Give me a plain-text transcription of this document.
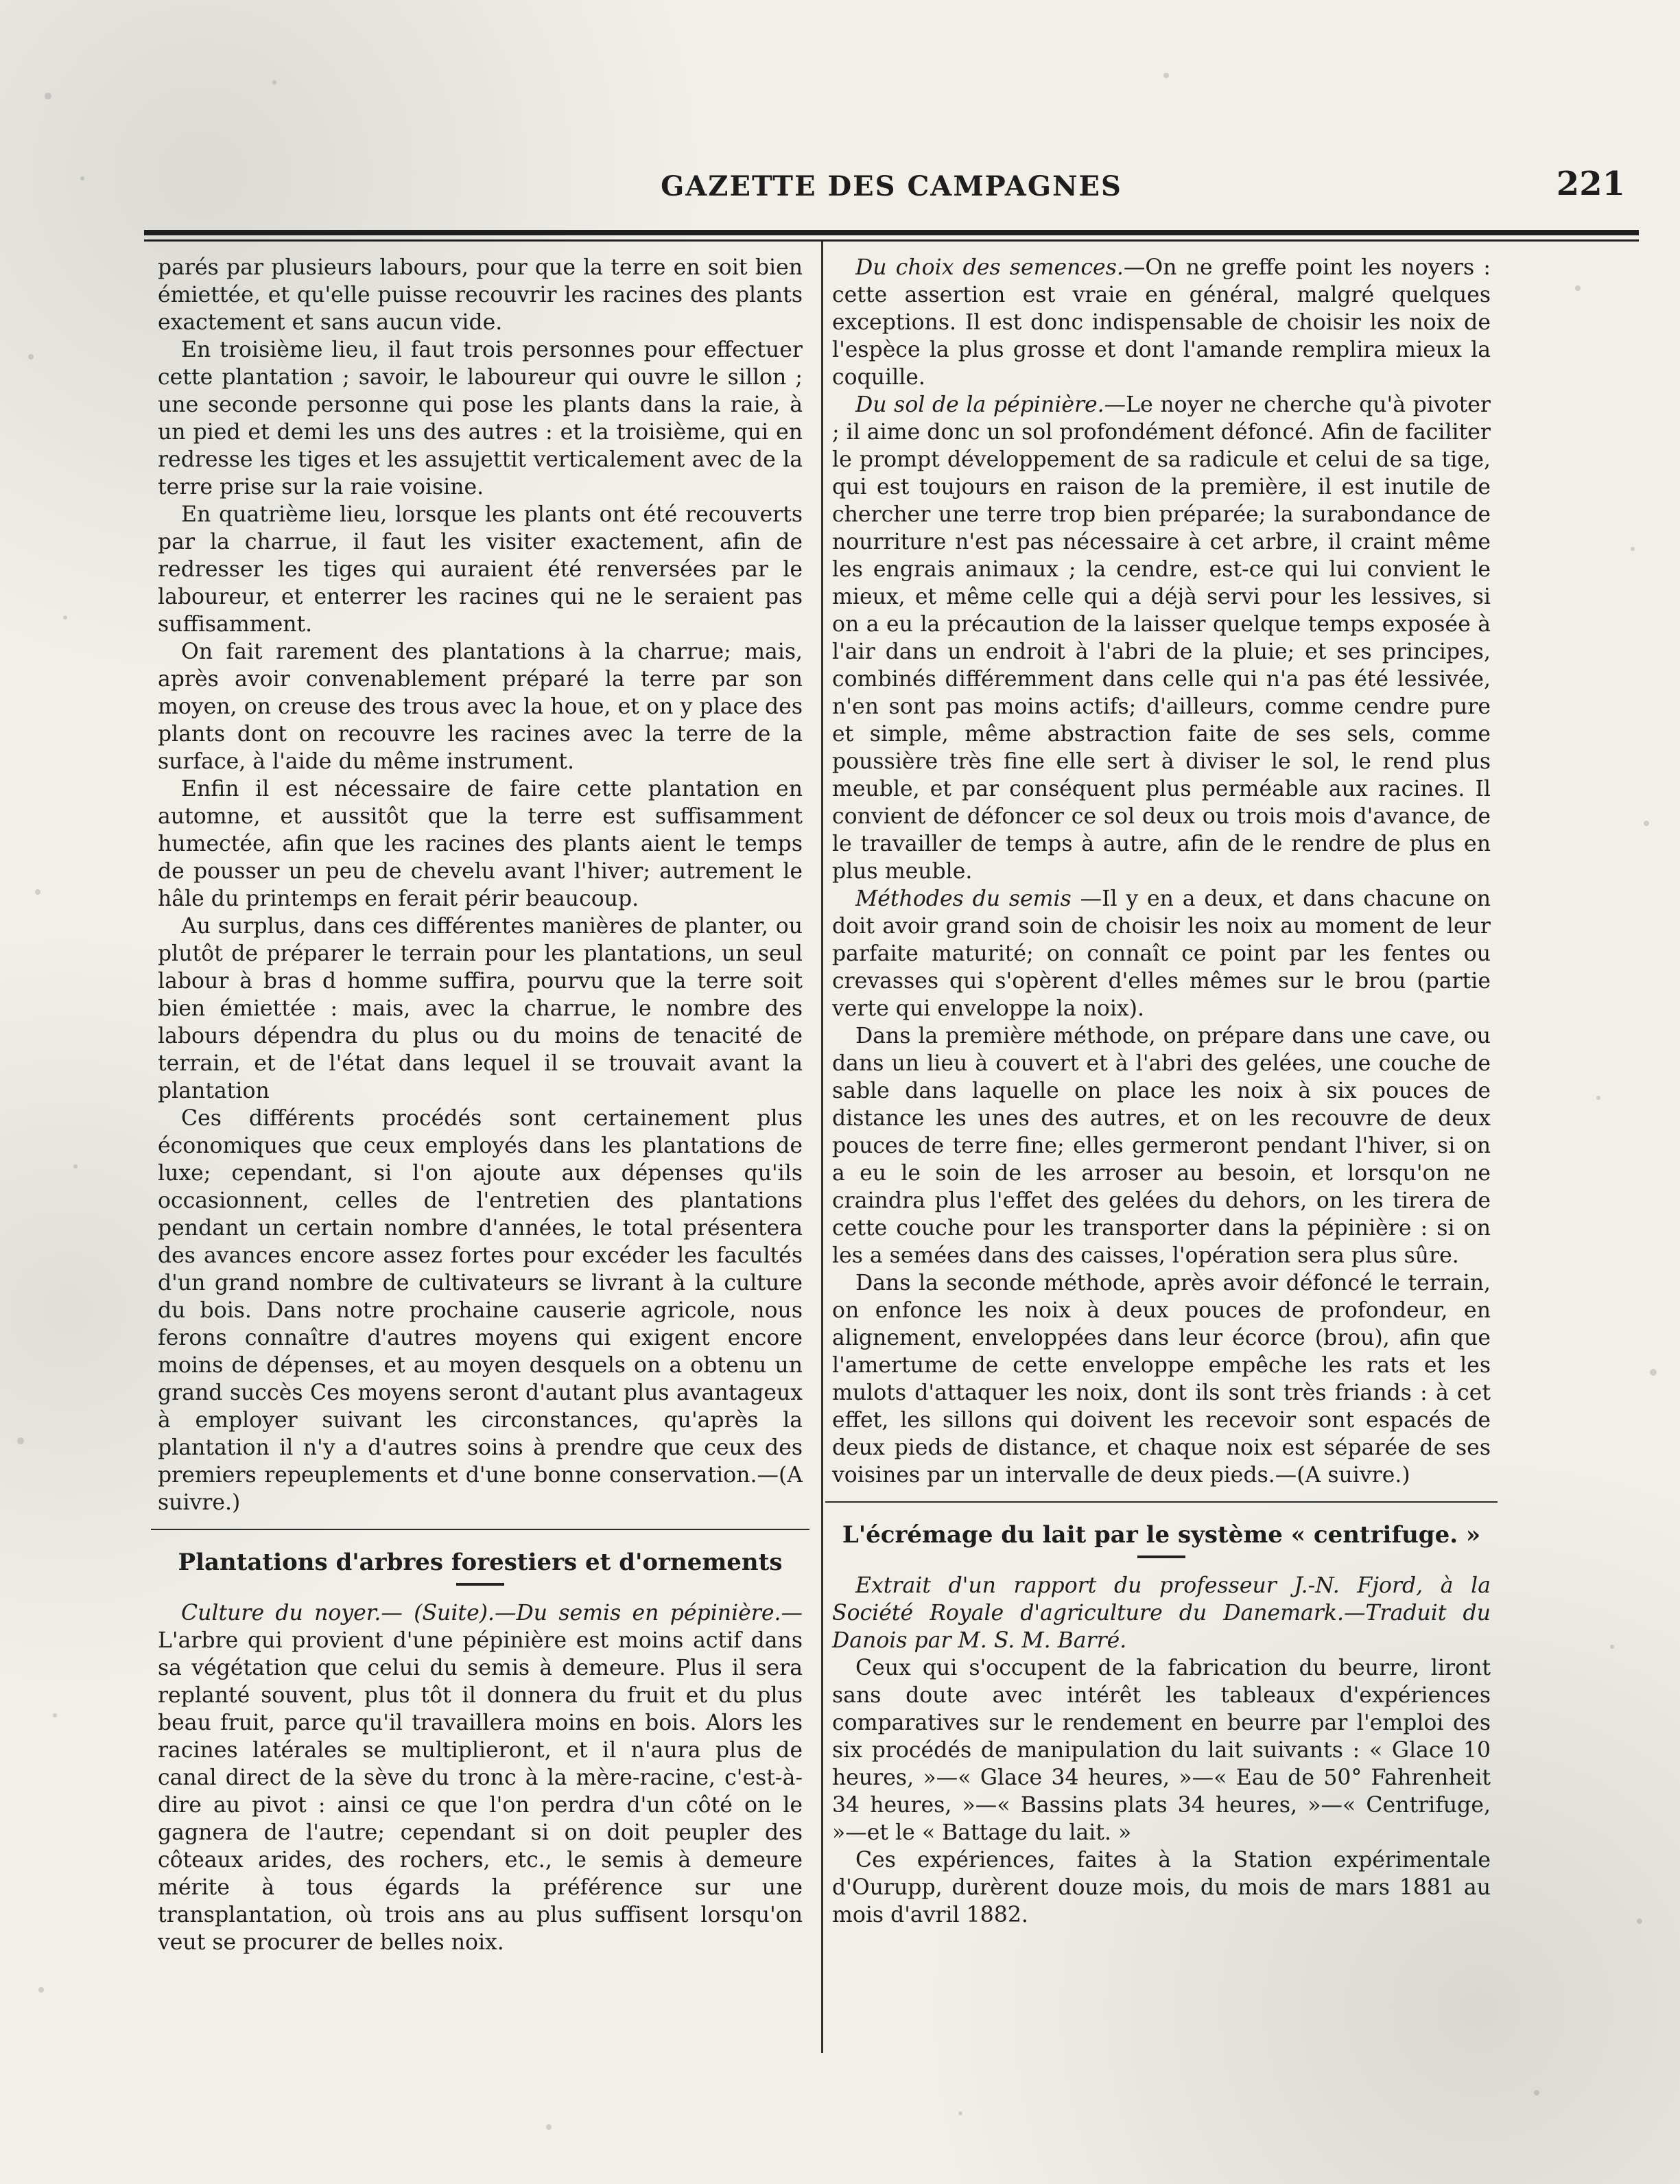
GAZETTE DES CAMPAGNES	221

parés par plusieurs labours, pour que la terre en soit bien émiettée, et qu'elle puisse recouvrir les racines des plants exactement et sans aucun vide.

En troisième lieu, il faut trois personnes pour effectuer cette plantation ; savoir, le laboureur qui ouvre le sillon ; une seconde personne qui pose les plants dans la raie, à un pied et demi les uns des autres : et la troisième, qui en redresse les tiges et les assujettit verticalement avec de la terre prise sur la raie voisine.

En quatrième lieu, lorsque les plants ont été recouverts par la charrue, il faut les visiter exactement, afin de redresser les tiges qui auraient été renversées par le laboureur, et enterrer les racines qui ne le seraient pas suffisamment.

On fait rarement des plantations à la charrue; mais, après avoir convenablement préparé la terre par son moyen, on creuse des trous avec la houe, et on y place des plants dont on recouvre les racines avec la terre de la surface, à l'aide du même instrument.

Enfin il est nécessaire de faire cette plantation en automne, et aussitôt que la terre est suffisamment humectée, afin que les racines des plants aient le temps de pousser un peu de chevelu avant l'hiver; autrement le hâle du printemps en ferait périr beaucoup.

Au surplus, dans ces différentes manières de planter, ou plutôt de préparer le terrain pour les plantations, un seul labour à bras d homme suffira, pourvu que la terre soit bien émiettée : mais, avec la charrue, le nombre des labours dépendra du plus ou du moins de tenacité de terrain, et de l'état dans lequel il se trouvait avant la plantation

Ces différents procédés sont certainement plus économiques que ceux employés dans les plantations de luxe; cependant, si l'on ajoute aux dépenses qu'ils occasionnent, celles de l'entretien des plantations pendant un certain nombre d'années, le total présentera des avances encore assez fortes pour excéder les facultés d'un grand nombre de cultivateurs se livrant à la culture du bois. Dans notre prochaine causerie agricole, nous ferons connaître d'autres moyens qui exigent encore moins de dépenses, et au moyen desquels on a obtenu un grand succès Ces moyens seront d'autant plus avantageux à employer suivant les circonstances, qu'après la plantation il n'y a d'autres soins à prendre que ceux des premiers repeuplements et d'une bonne conservation.—(A suivre.)

Plantations d'arbres forestiers et d'ornements

Culture du noyer.— (Suite).—Du semis en pépinière.—L'arbre qui provient d'une pépinière est moins actif dans sa végétation que celui du semis à demeure. Plus il sera replanté souvent, plus tôt il donnera du fruit et du plus beau fruit, parce qu'il travaillera moins en bois. Alors les racines latérales se multiplieront, et il n'aura plus de canal direct de la sève du tronc à la mère-racine, c'est-à-dire au pivot : ainsi ce que l'on perdra d'un côté on le gagnera de l'autre; cependant si on doit peupler des côteaux arides, des rochers, etc., le semis à demeure mérite à tous égards la préférence sur une transplantation, où trois ans au plus suffisent lorsqu'on veut se procurer de belles noix.

Du choix des semences.—On ne greffe point les noyers : cette assertion est vraie en général, malgré quelques exceptions. Il est donc indispensable de choisir les noix de l'espèce la plus grosse et dont l'amande remplira mieux la coquille.

Du sol de la pépinière.—Le noyer ne cherche qu'à pivoter ; il aime donc un sol profondément défoncé. Afin de faciliter le prompt développement de sa radicule et celui de sa tige, qui est toujours en raison de la première, il est inutile de chercher une terre trop bien préparée; la surabondance de nourriture n'est pas nécessaire à cet arbre, il craint même les engrais animaux ; la cendre, est-ce qui lui convient le mieux, et même celle qui a déjà servi pour les lessives, si on a eu la précaution de la laisser quelque temps exposée à l'air dans un endroit à l'abri de la pluie; et ses principes, combinés différemment dans celle qui n'a pas été lessivée, n'en sont pas moins actifs; d'ailleurs, comme cendre pure et simple, même abstraction faite de ses sels, comme poussière très fine elle sert à diviser le sol, le rend plus meuble, et par conséquent plus perméable aux racines. Il convient de défoncer ce sol deux ou trois mois d'avance, de le travailler de temps à autre, afin de le rendre de plus en plus meuble.

Méthodes du semis —Il y en a deux, et dans chacune on doit avoir grand soin de choisir les noix au moment de leur parfaite maturité; on connaît ce point par les fentes ou crevasses qui s'opèrent d'elles mêmes sur le brou (partie verte qui enveloppe la noix).

Dans la première méthode, on prépare dans une cave, ou dans un lieu à couvert et à l'abri des gelées, une couche de sable dans laquelle on place les noix à six pouces de distance les unes des autres, et on les recouvre de deux pouces de terre fine; elles germeront pendant l'hiver, si on a eu le soin de les arroser au besoin, et lorsqu'on ne craindra plus l'effet des gelées du dehors, on les tirera de cette couche pour les transporter dans la pépinière : si on les a semées dans des caisses, l'opération sera plus sûre.

Dans la seconde méthode, après avoir défoncé le terrain, on enfonce les noix à deux pouces de profondeur, en alignement, enveloppées dans leur écorce (brou), afin que l'amertume de cette enveloppe empêche les rats et les mulots d'attaquer les noix, dont ils sont très friands : à cet effet, les sillons qui doivent les recevoir sont espacés de deux pieds de distance, et chaque noix est séparée de ses voisines par un intervalle de deux pieds.—(A suivre.)

L'écrémage du lait par le système « centrifuge. »

Extrait d'un rapport du professeur J.-N. Fjord, à la Société Royale d'agriculture du Danemark.—Traduit du Danois par M. S. M. Barré.

Ceux qui s'occupent de la fabrication du beurre, liront sans doute avec intérêt les tableaux d'expériences comparatives sur le rendement en beurre par l'emploi des six procédés de manipulation du lait suivants : « Glace 10 heures, »—« Glace 34 heures, »—« Eau de 50° Fahrenheit 34 heures, »—« Bassins plats 34 heures, »—« Centrifuge, »—et le « Battage du lait. »

Ces expériences, faites à la Station expérimentale d'Ourupp, durèrent douze mois, du mois de mars 1881 au mois d'avril 1882.
